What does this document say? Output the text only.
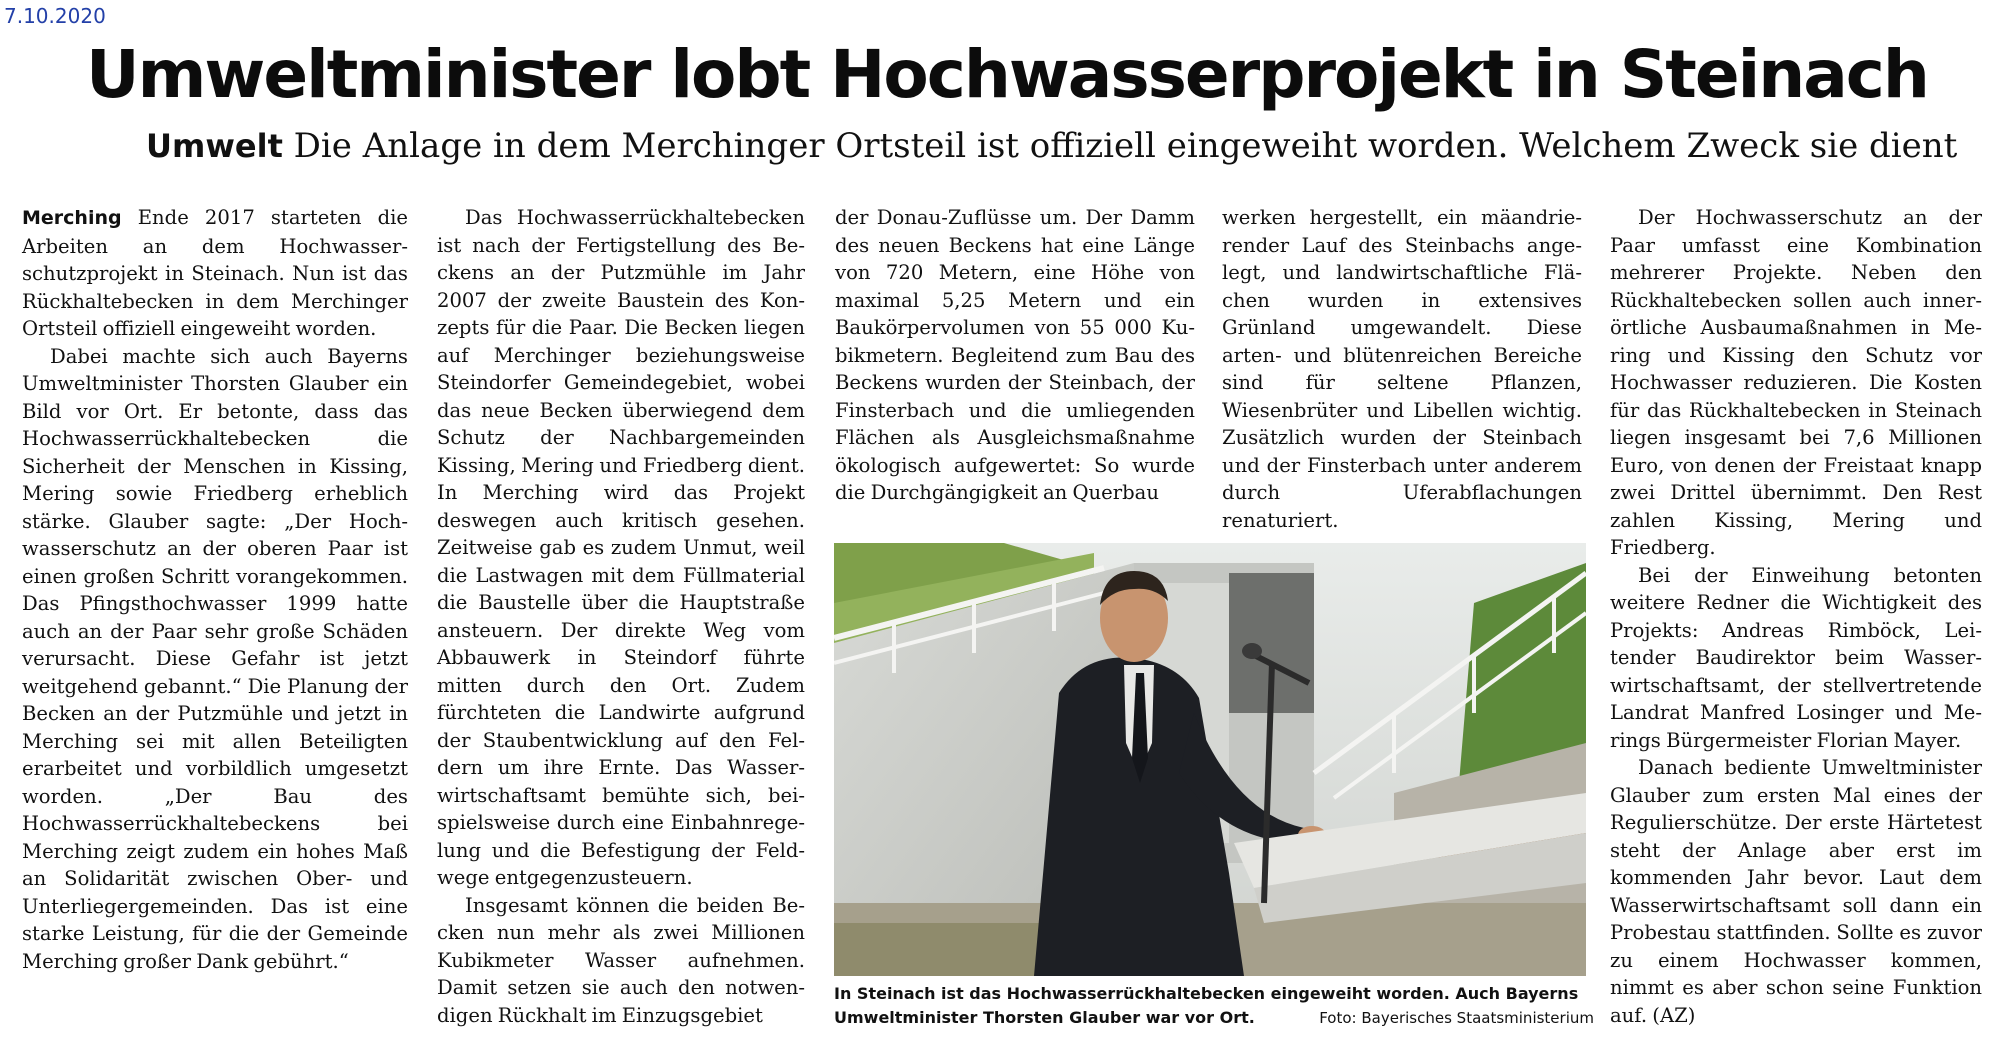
7.10.2020
Umweltminister lobt Hochwasserprojekt in Steinach
Umwelt Die Anlage in dem Merchinger Ortsteil ist offiziell eingeweiht worden. Welchem Zweck sie dient

Merching Ende 2017 starteten die Arbeiten an dem Hochwasserschutzprojekt in Steinach. Nun ist das Rückhaltebecken in dem Merchinger Ortsteil offiziell eingeweiht worden.

Dabei machte sich auch Bayerns Umweltminister Thorsten Glauber ein Bild vor Ort. Er betonte, dass das Hochwasserrückhaltebecken die Sicherheit der Menschen in Kissing, Mering sowie Friedberg erheblich stärke. Glauber sagte: „Der Hochwasserschutz an der oberen Paar ist einen großen Schritt vorangekommen. Das Pfingsthochwasser 1999 hatte auch an der Paar sehr große Schäden verursacht. Diese Gefahr ist jetzt weitgehend gebannt.“ Die Planung der Becken an der Putzmühle und jetzt in Merching sei mit allen Beteiligten erarbeitet und vorbildlich umgesetzt worden. „Der Bau des Hochwasserrückhaltebeckens bei Merching zeigt zudem ein hohes Maß an Solidarität zwischen Ober- und Unterliegergemeinden. Das ist eine starke Leistung, für die der Gemeinde Merching großer Dank gebührt.“

Das Hochwasserrückhaltebecken ist nach der Fertigstellung des Beckens an der Putzmühle im Jahr 2007 der zweite Baustein des Konzepts für die Paar. Die Becken liegen auf Merchinger beziehungsweise Steindorfer Gemeindegebiet, wobei das neue Becken überwiegend dem Schutz der Nachbargemeinden Kissing, Mering und Friedberg dient. In Merching wird das Projekt deswegen auch kritisch gesehen. Zeitweise gab es zudem Unmut, weil die Lastwagen mit dem Füllmaterial die Baustelle über die Hauptstraße ansteuern. Der direkte Weg vom Abbauwerk in Steindorf führte mitten durch den Ort. Zudem fürchteten die Landwirte aufgrund der Staubentwicklung auf den Feldern um ihre Ernte. Das Wasserwirtschaftsamt bemühte sich, beispielsweise durch eine Einbahnregelung und die Befestigung der Feldwege entgegenzusteuern.

Insgesamt können die beiden Becken nun mehr als zwei Millionen Kubikmeter Wasser aufnehmen. Damit setzen sie auch den notwendigen Rückhalt im Einzugsgebiet

der Donau-Zuflüsse um. Der Damm des neuen Beckens hat eine Länge von 720 Metern, eine Höhe von maximal 5,25 Metern und ein Baukörpervolumen von 55 000 Kubikmetern. Begleitend zum Bau des Beckens wurden der Steinbach, der Finsterbach und die umliegenden Flächen als Ausgleichsmaßnahme ökologisch aufgewertet: So wurde die Durchgängigkeit an Querbau

werken hergestellt, ein mäandrierender Lauf des Steinbachs angelegt, und landwirtschaftliche Flächen wurden in extensives Grünland umgewandelt. Diese arten- und blütenreichen Bereiche sind für seltene Pflanzen, Wiesenbrüter und Libellen wichtig. Zusätzlich wurden der Steinbach und der Finsterbach unter anderem durch Uferabflachungen renaturiert.

Der Hochwasserschutz an der Paar umfasst eine Kombination mehrerer Projekte. Neben den Rückhaltebecken sollen auch innerörtliche Ausbaumaßnahmen in Mering und Kissing den Schutz vor Hochwasser reduzieren. Die Kosten für das Rückhaltebecken in Steinach liegen insgesamt bei 7,6 Millionen Euro, von denen der Freistaat knapp zwei Drittel übernimmt. Den Rest zahlen Kissing, Mering und Friedberg.

Bei der Einweihung betonten weitere Redner die Wichtigkeit des Projekts: Andreas Rimböck, Leitender Baudirektor beim Wasserwirtschaftsamt, der stellvertretende Landrat Manfred Losinger und Merings Bürgermeister Florian Mayer.

Danach bediente Umweltminister Glauber zum ersten Mal eines der Regulierschütze. Der erste Härtetest steht der Anlage aber erst im kommenden Jahr bevor. Laut dem Wasserwirtschaftsamt soll dann ein Probestau stattfinden. Sollte es zuvor zu einem Hochwasser kommen, nimmt es aber schon seine Funktion auf. (AZ)

In Steinach ist das Hochwasserrückhaltebecken eingeweiht worden. Auch Bayerns Umweltminister Thorsten Glauber war vor Ort.	Foto: Bayerisches Staatsministerium
